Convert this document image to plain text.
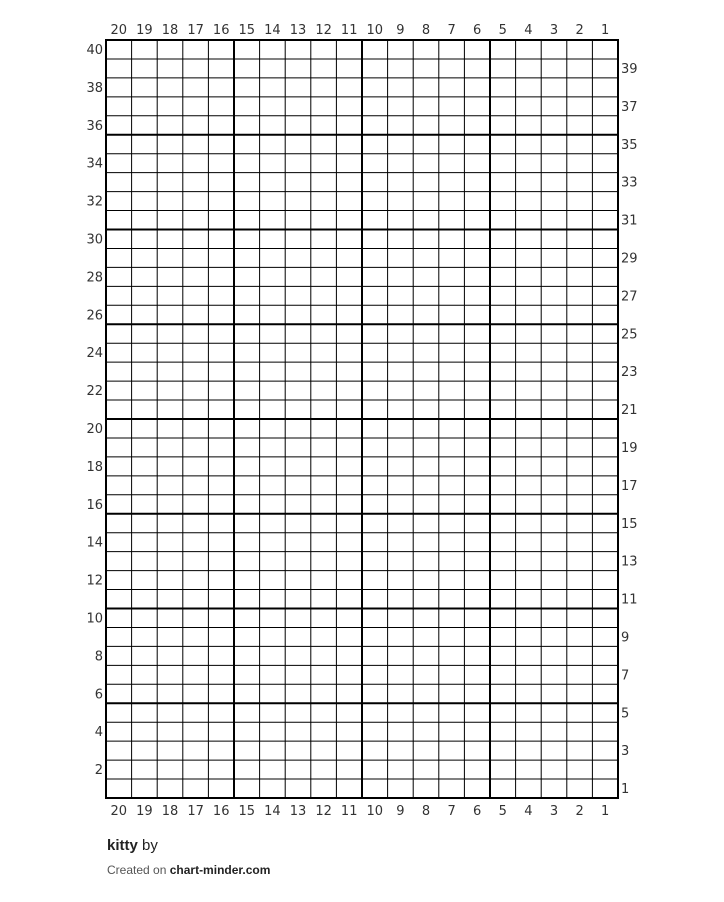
20
20
19
19
18
18
17
17
16
16
15
15
14
14
13
13
12
12
11
11
10
10
9
9
8
8
7
7
6
6
5
5
4
4
3
3
2
2
1
1
40
38
36
34
32
30
28
26
24
22
20
18
16
14
12
10
8
6
4
2
39
37
35
33
31
29
27
25
23
21
19
17
15
13
11
9
7
5
3
1
kitty by
Created on chart-minder.com
